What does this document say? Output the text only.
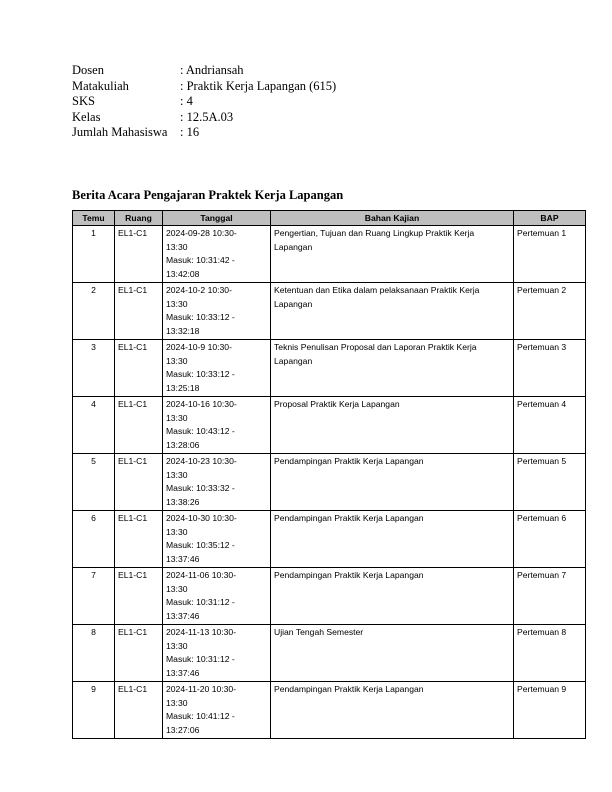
Dosen	: Andriansah
Matakuliah	: Praktik Kerja Lapangan (615)
SKS	: 4
Kelas	: 12.5A.03
Jumlah Mahasiswa	: 16
Berita Acara Pengajaran Praktek Kerja Lapangan
Temu	Ruang	Tanggal	Bahan Kajian	BAP
1	EL1-C1	2024-09-28 10:30-
13:30
Masuk: 10:31:42 -
13:42:08	Pengertian, Tujuan dan Ruang Lingkup Praktik Kerja Lapangan	Pertemuan 1
2	EL1-C1	2024-10-2 10:30-
13:30
Masuk: 10:33:12 -
13:32:18	Ketentuan dan Etika dalam pelaksanaan Praktik Kerja Lapangan	Pertemuan 2
3	EL1-C1	2024-10-9 10:30-
13:30
Masuk: 10:33:12 -
13:25:18	Teknis Penulisan Proposal dan Laporan Praktik Kerja Lapangan	Pertemuan 3
4	EL1-C1	2024-10-16 10:30-
13:30
Masuk: 10:43:12 -
13:28:06	Proposal Praktik Kerja Lapangan	Pertemuan 4
5	EL1-C1	2024-10-23 10:30-
13:30
Masuk: 10:33:32 -
13:38:26	Pendampingan Praktik Kerja Lapangan	Pertemuan 5
6	EL1-C1	2024-10-30 10:30-
13:30
Masuk: 10:35:12 -
13:37:46	Pendampingan Praktik Kerja Lapangan	Pertemuan 6
7	EL1-C1	2024-11-06 10:30-
13:30
Masuk: 10:31:12 -
13:37:46	Pendampingan Praktik Kerja Lapangan	Pertemuan 7
8	EL1-C1	2024-11-13 10:30-
13:30
Masuk: 10:31:12 -
13:37:46	Ujian Tengah Semester	Pertemuan 8
9	EL1-C1	2024-11-20 10:30-
13:30
Masuk: 10:41:12 -
13:27:06	Pendampingan Praktik Kerja Lapangan	Pertemuan 9
